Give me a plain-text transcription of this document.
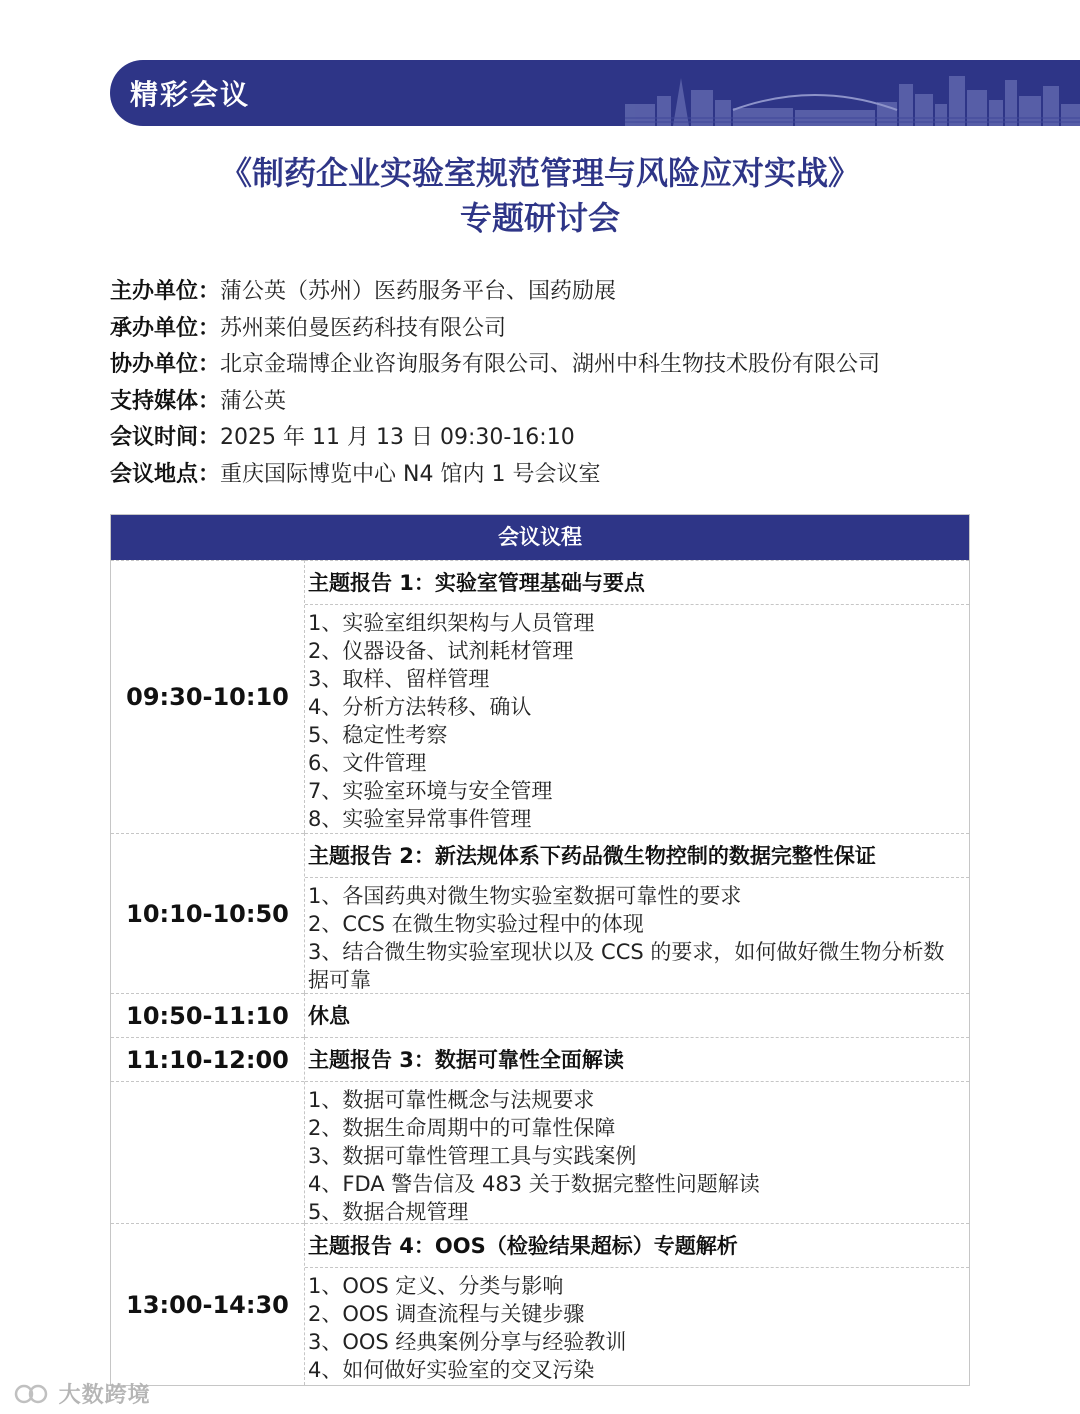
精彩会议
《制药企业实验室规范管理与风险应对实战》
专题研讨会
主办单位：蒲公英（苏州）医药服务平台、国药励展
承办单位：苏州莱伯曼医药科技有限公司
协办单位：北京金瑞博企业咨询服务有限公司、湖州中科生物技术股份有限公司
支持媒体：蒲公英
会议时间：2025 年 11 月 13 日 09:30-16:10
会议地点：重庆国际博览中心 N4 馆内 1 号会议室
会议议程
09:30-10:10
主题报告 1：实验室管理基础与要点
1、实验室组织架构与人员管理
2、仪器设备、试剂耗材管理
3、取样、留样管理
4、分析方法转移、确认
5、稳定性考察
6、文件管理
7、实验室环境与安全管理
8、实验室异常事件管理
10:10-10:50
主题报告 2：新法规体系下药品微生物控制的数据完整性保证
1、各国药典对微生物实验室数据可靠性的要求
2、CCS 在微生物实验过程中的体现
3、结合微生物实验室现状以及 CCS 的要求，如何做好微生物分析数据可靠
10:50-11:10 休息
11:10-12:00 主题报告 3：数据可靠性全面解读
1、数据可靠性概念与法规要求
2、数据生命周期中的可靠性保障
3、数据可靠性管理工具与实践案例
4、FDA 警告信及 483 关于数据完整性问题解读
5、数据合规管理
13:00-14:30
主题报告 4：OOS（检验结果超标）专题解析
1、OOS 定义、分类与影响
2、OOS 调查流程与关键步骤
3、OOS 经典案例分享与经验教训
4、如何做好实验室的交叉污染
大数跨境
